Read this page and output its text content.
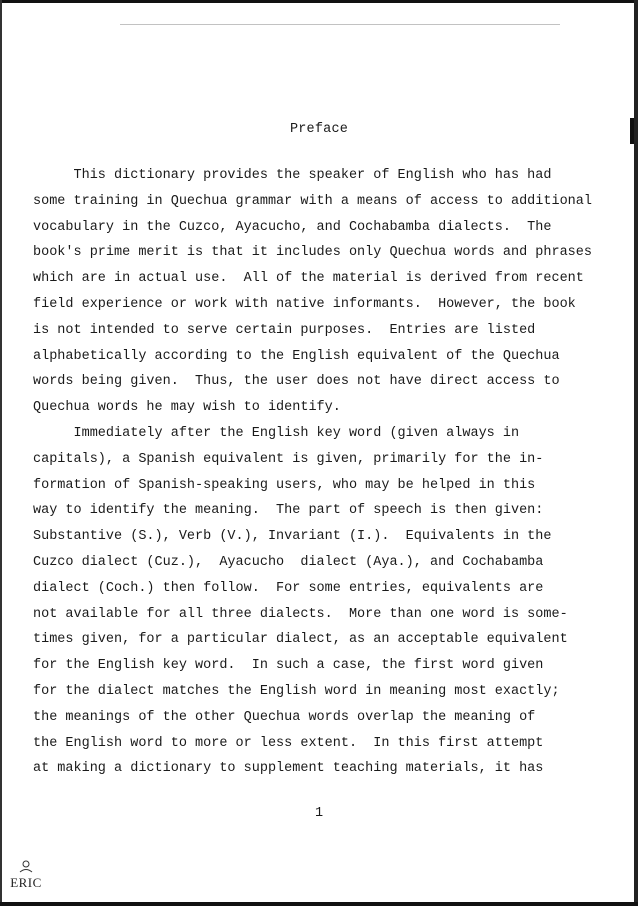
Preface
This dictionary provides the speaker of English who has had
some training in Quechua grammar with a means of access to additional
vocabulary in the Cuzco, Ayacucho, and Cochabamba dialects.  The
book's prime merit is that it includes only Quechua words and phrases
which are in actual use.  All of the material is derived from recent
field experience or work with native informants.  However, the book
is not intended to serve certain purposes.  Entries are listed
alphabetically according to the English equivalent of the Quechua
words being given.  Thus, the user does not have direct access to
Quechua words he may wish to identify.
Immediately after the English key word (given always in
capitals), a Spanish equivalent is given, primarily for the in-
formation of Spanish-speaking users, who may be helped in this
way to identify the meaning.  The part of speech is then given:
Substantive (S.), Verb (V.), Invariant (I.).  Equivalents in the
Cuzco dialect (Cuz.),  Ayacucho  dialect (Aya.), and Cochabamba
dialect (Coch.) then follow.  For some entries, equivalents are
not available for all three dialects.  More than one word is some-
times given, for a particular dialect, as an acceptable equivalent
for the English key word.  In such a case, the first word given
for the dialect matches the English word in meaning most exactly;
the meanings of the other Quechua words overlap the meaning of
the English word to more or less extent.  In this first attempt
at making a dictionary to supplement teaching materials, it has
1
ERIC
